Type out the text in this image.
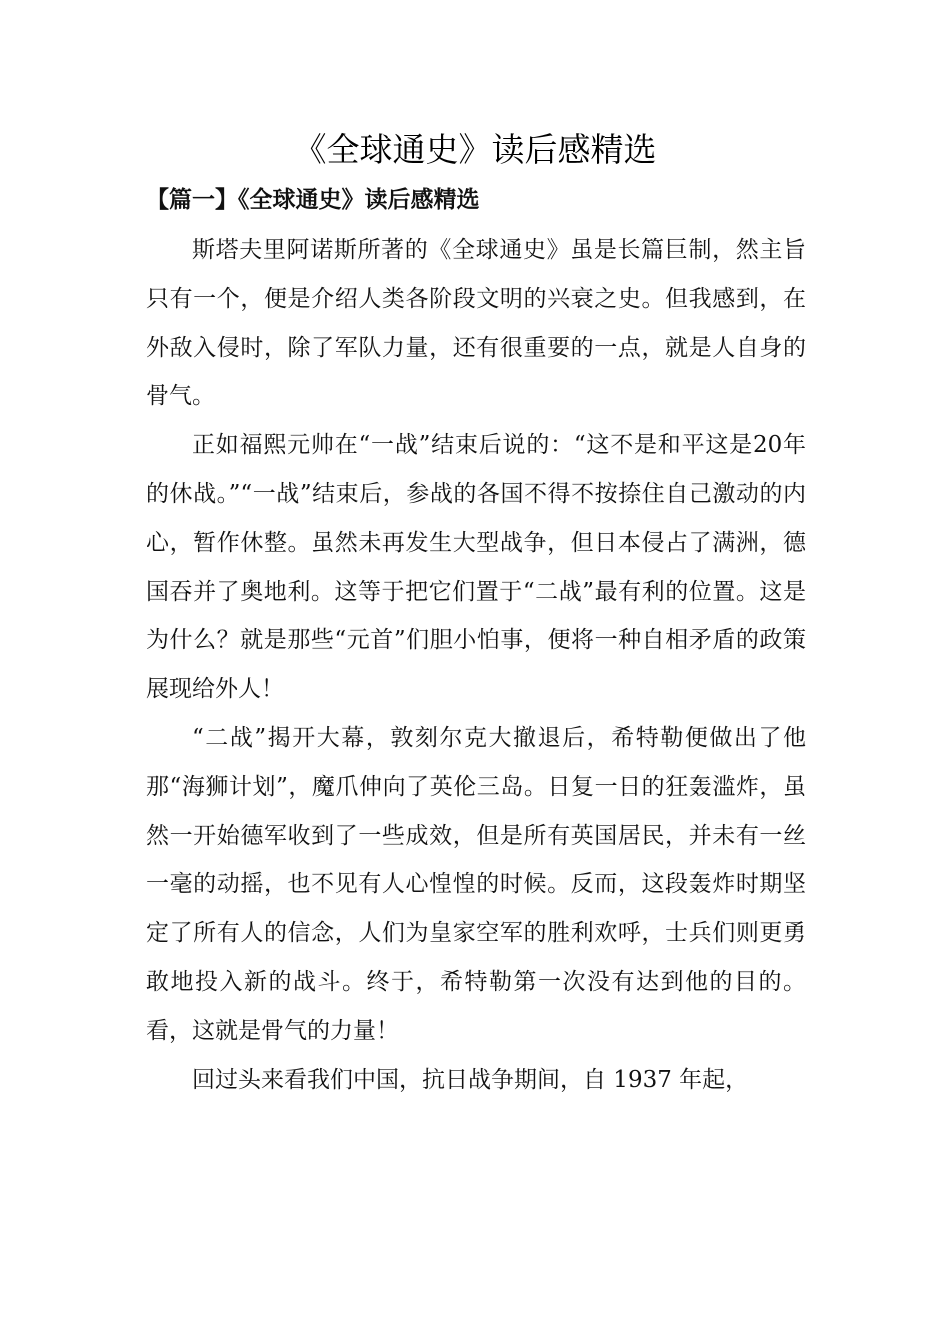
《全球通史》读后感精选
【篇一】《全球通史》读后感精选

斯塔夫里阿诺斯所著的《全球通史》虽是长篇巨制，然主旨只有一个，便是介绍人类各阶段文明的兴衰之史。但我感到，在外敌入侵时，除了军队力量，还有很重要的一点，就是人自身的骨气。

正如福熙元帅在“一战”结束后说的：“这不是和平这是20年的休战。”“一战”结束后，参战的各国不得不按捺住自己激动的内心，暂作休整。虽然未再发生大型战争，但日本侵占了满洲，德国吞并了奥地利。这等于把它们置于“二战”最有利的位置。这是为什么？就是那些“元首”们胆小怕事，便将一种自相矛盾的政策展现给外人！

“二战”揭开大幕，敦刻尔克大撤退后，希特勒便做出了他那“海狮计划”，魔爪伸向了英伦三岛。日复一日的狂轰滥炸，虽然一开始德军收到了一些成效，但是所有英国居民，并未有一丝一毫的动摇，也不见有人心惶惶的时候。反而，这段轰炸时期坚定了所有人的信念，人们为皇家空军的胜利欢呼，士兵们则更勇敢地投入新的战斗。终于，希特勒第一次没有达到他的目的。看，这就是骨气的力量！

回过头来看我们中国，抗日战争期间，自 1937 年起，
